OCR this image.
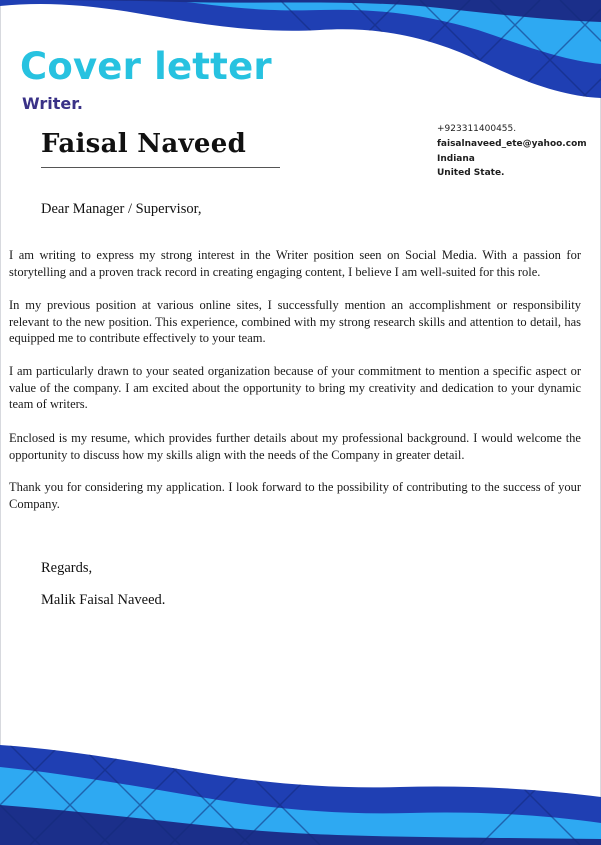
Cover letter
Writer.
Faisal Naveed	+923311400455.
faisalnaveed_ete@yahoo.com
Indiana
United State.
Dear Manager / Supervisor,

I am writing to express my strong interest in the Writer position seen on Social Media. With a passion for storytelling and a proven track record in creating engaging content, I believe I am well-suited for this role.

In my previous position at various online sites, I successfully mention an accomplishment or responsibility relevant to the new position. This experience, combined with my strong research skills and attention to detail, has equipped me to contribute effectively to your team.

I am particularly drawn to your seated organization because of your commitment to mention a specific aspect or value of the company. I am excited about the opportunity to bring my creativity and dedication to your dynamic team of writers.

Enclosed is my resume, which provides further details about my professional background. I would welcome the opportunity to discuss how my skills align with the needs of the Company in greater detail.

Thank you for considering my application. I look forward to the possibility of contributing to the success of your Company.

Regards,
Malik Faisal Naveed.
